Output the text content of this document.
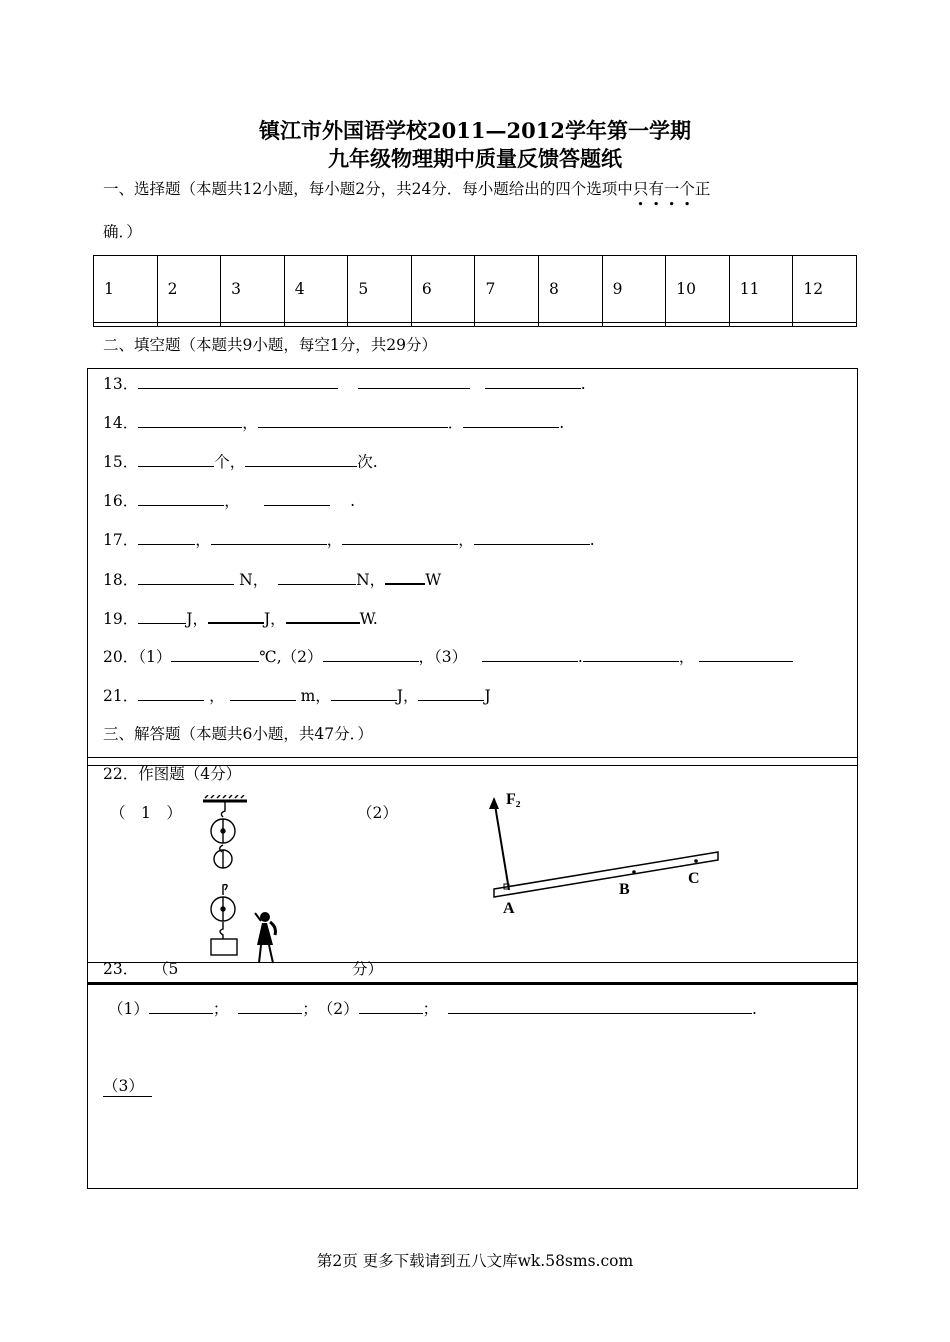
镇江市外国语学校2011—2012学年第一学期
九年级物理期中质量反馈答题纸
一、选择题（本题共12小题，每小题2分，共24分．每小题给出的四个选项中只有一个正
确．）
1	2	3	4	5	6	7	8	9	10	11	12

二、填空题（本题共9小题，每空1分，共29分）
13．	.
14．	，	．	.
15．	个，	次.
16．	，	.
17．	，	，	，	.
18．	N，	N，	W
19．	J，	J，	W.
20．（1）	℃,（2）	，（3）	.	，
21．	，	m，	J，	J
三、解答题（本题共6小题，共47分．）
22．作图题（4分）
（　1　）	（2）
F₂
A
B
C
23． （5	分）
（1）	；	；　（2）	；	.
（3）
第2页 更多下载请到五八文库wk.58sms.com
